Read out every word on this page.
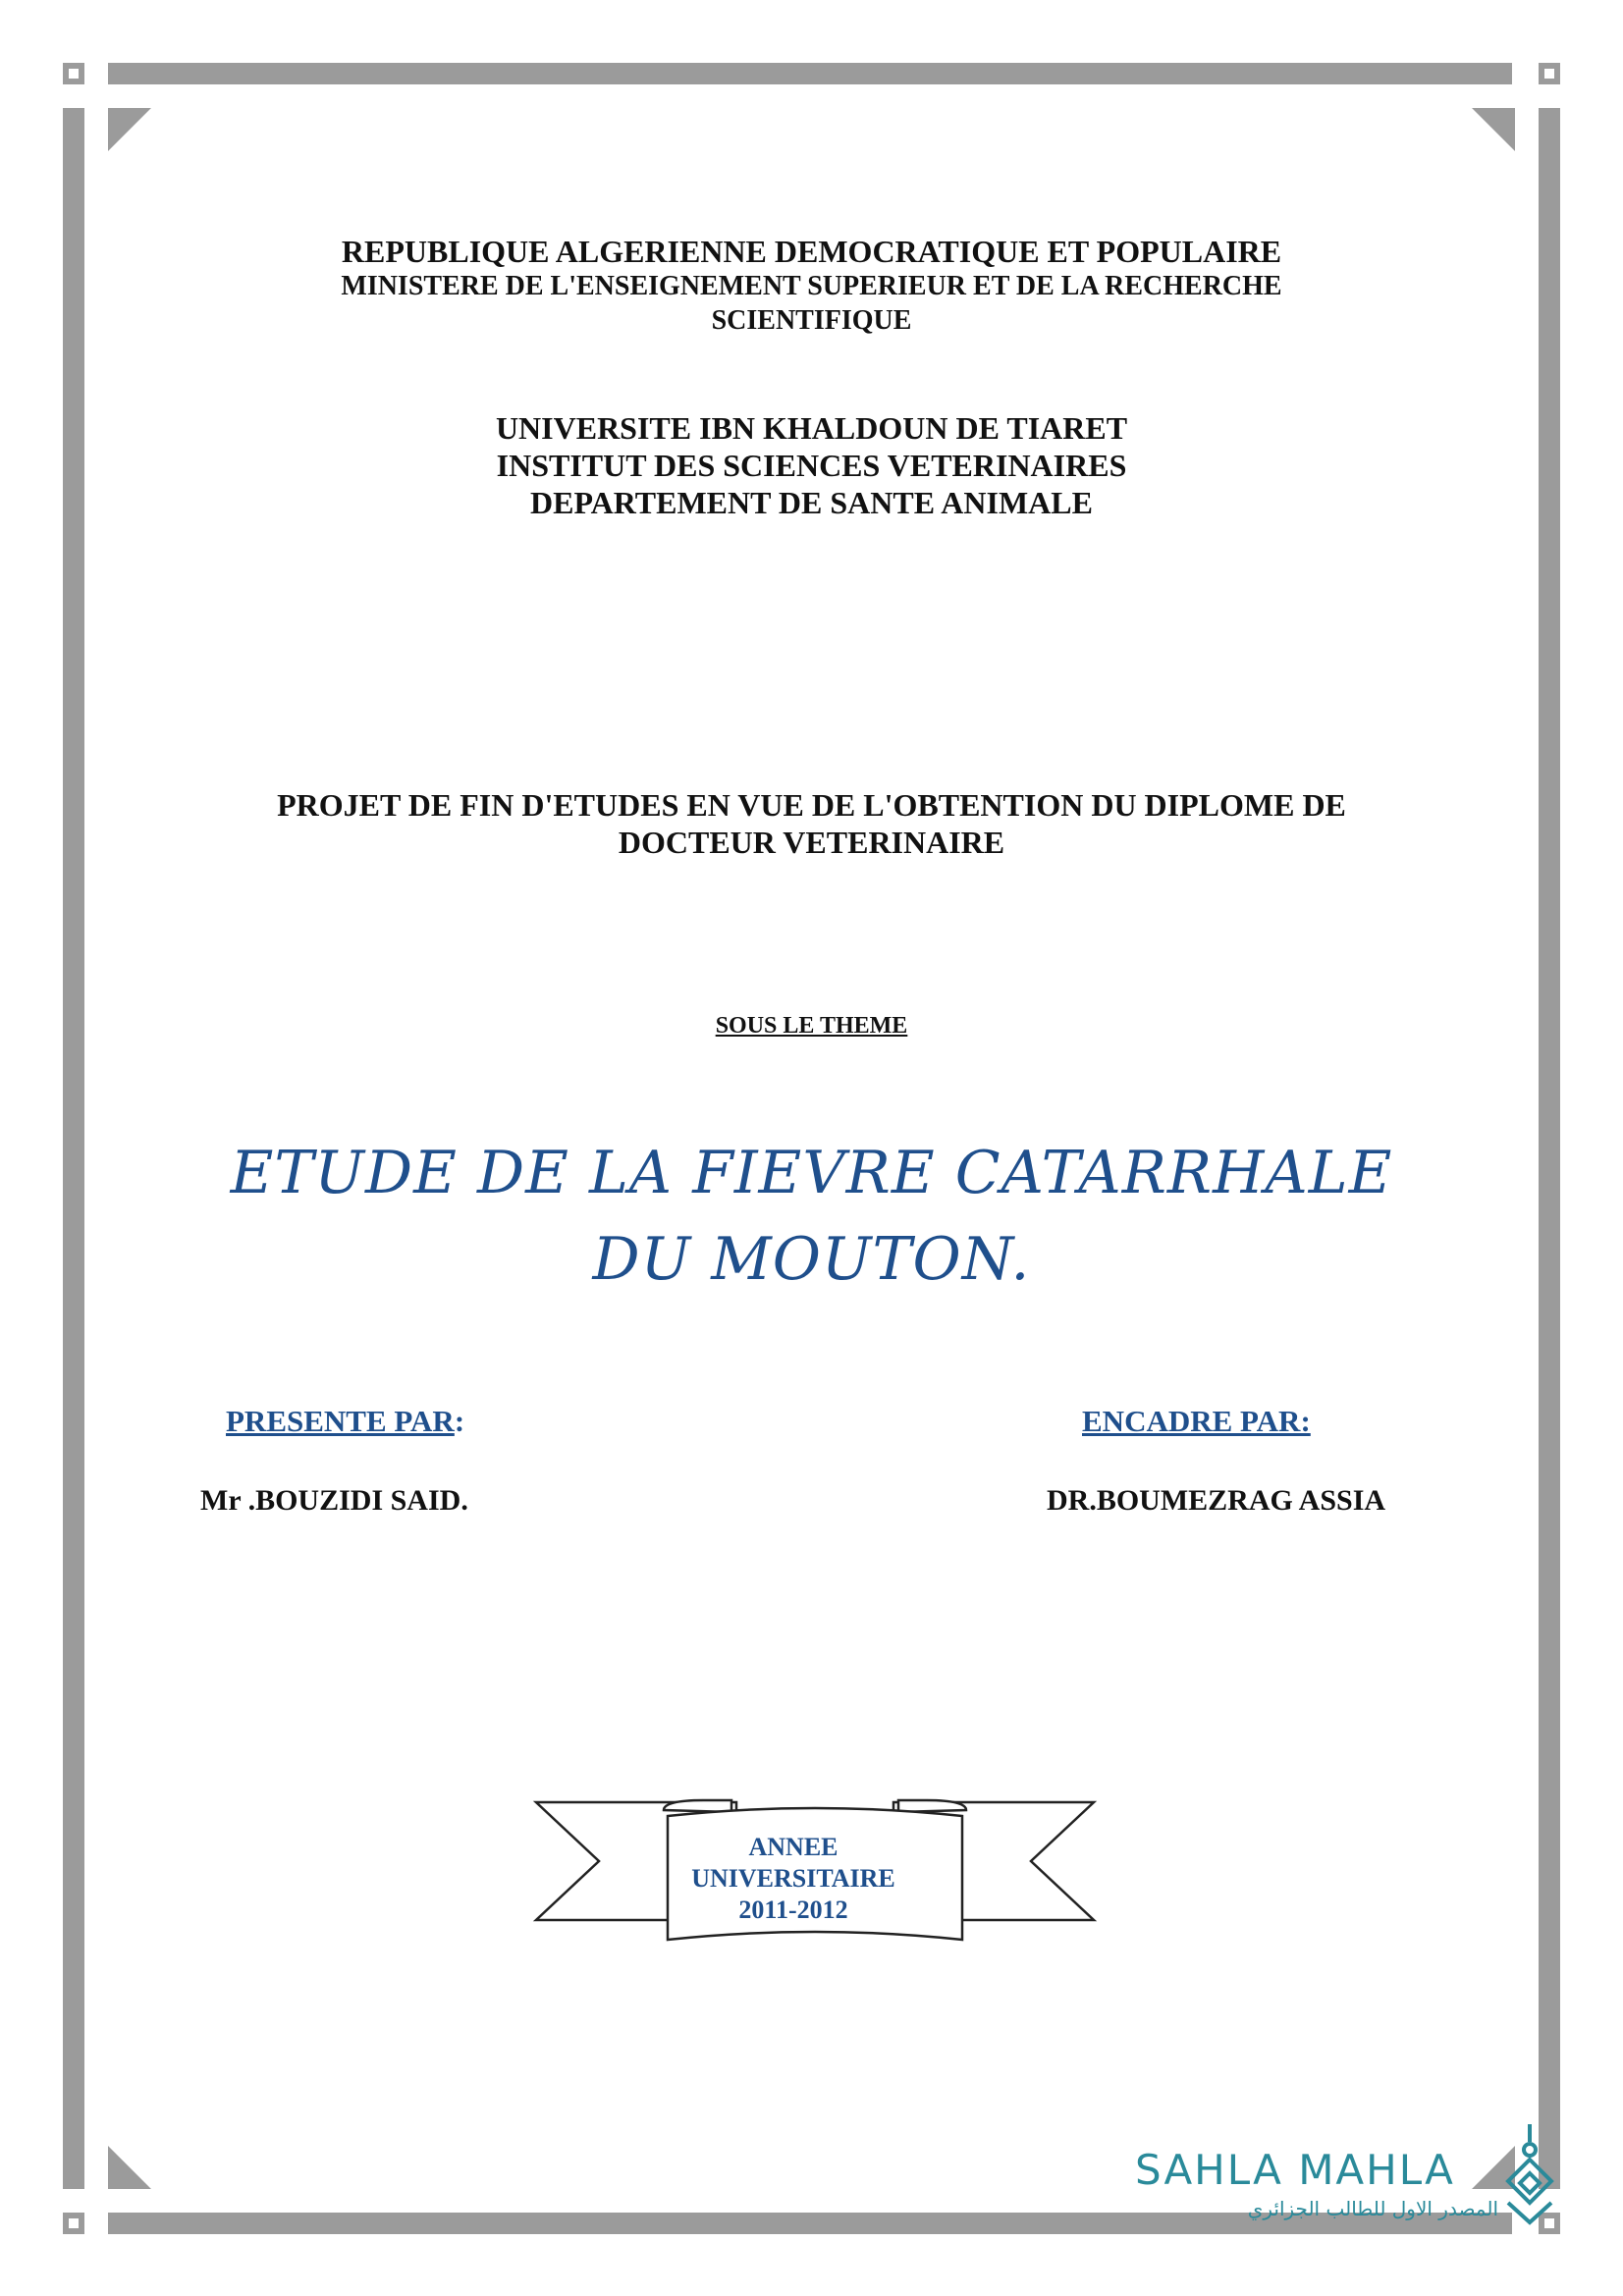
REPUBLIQUE ALGERIENNE DEMOCRATIQUE ET POPULAIRE
MINISTERE DE L'ENSEIGNEMENT SUPERIEUR ET DE LA RECHERCHE
SCIENTIFIQUE
UNIVERSITE IBN KHALDOUN DE TIARET
INSTITUT DES SCIENCES VETERINAIRES
DEPARTEMENT DE SANTE ANIMALE
PROJET DE FIN D'ETUDES EN VUE DE L'OBTENTION DU DIPLOME DE
DOCTEUR VETERINAIRE
SOUS LE THEME
ETUDE DE LA FIEVRE CATARRHALE
DU MOUTON.
PRESENTE PAR:	ENCADRE PAR:
Mr .BOUZIDI SAID.	DR.BOUMEZRAG ASSIA
ANNEE
UNIVERSITAIRE
2011-2012
SAHLA MAHLA
المصدر الاول للطالب الجزائري
